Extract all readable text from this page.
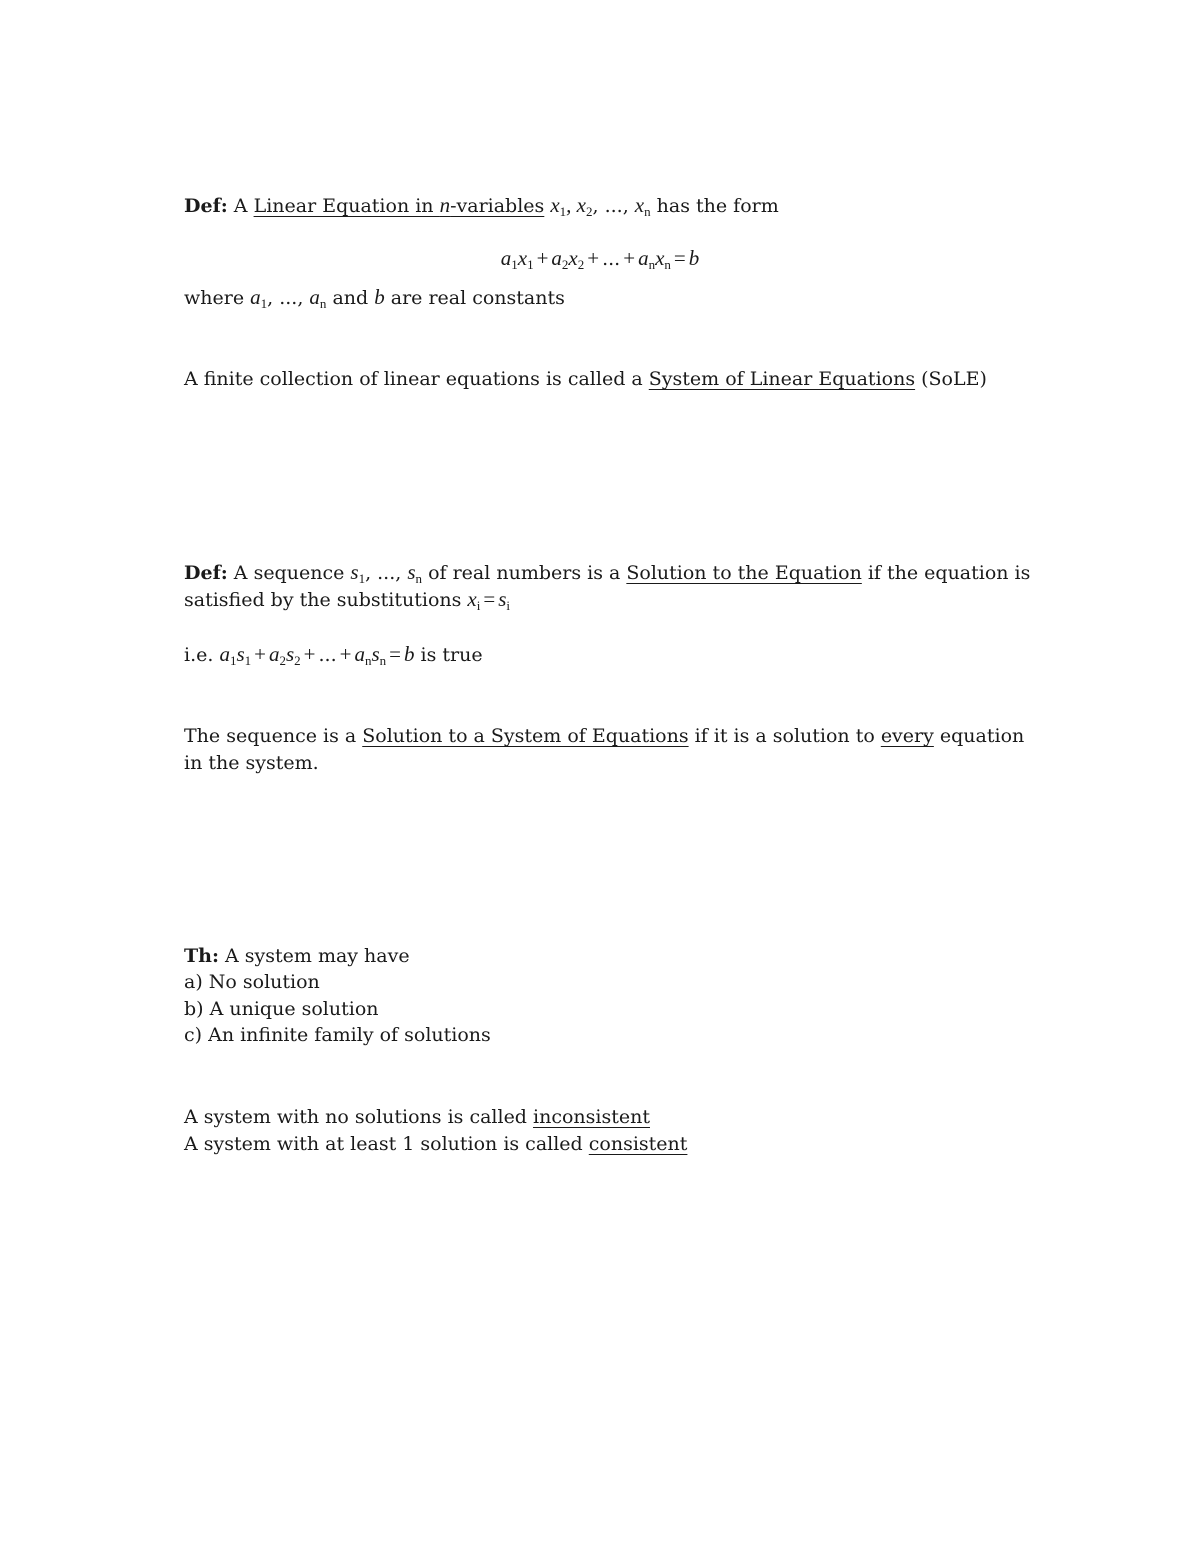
Def: A Linear Equation in n-variables $x_1$, $x_2$, ..., $x_n$ has the form
$a_1x_1 + a_2x_2$ + ... + $a_nx_n = b$
where $a_1$, ..., $a_n$ and b are real constants
A finite collection of linear equations is called a System of Linear Equations (SoLE)
Def: A sequence $s_1$, ..., $s_n$ of real numbers is a Solution to the Equation if the equation is
satisfied by the substitutions $x_i = s_i$
i.e. $a_1s_1 + a_2s_2$ + ... + $a_ns_n = b$ is true
The sequence is a Solution to a System of Equations if it is a solution to every equation
in the system.
Th: A system may have
a) No solution
b) A unique solution
c) An infinite family of solutions
A system with no solutions is called inconsistent
A system with at least 1 solution is called consistent
